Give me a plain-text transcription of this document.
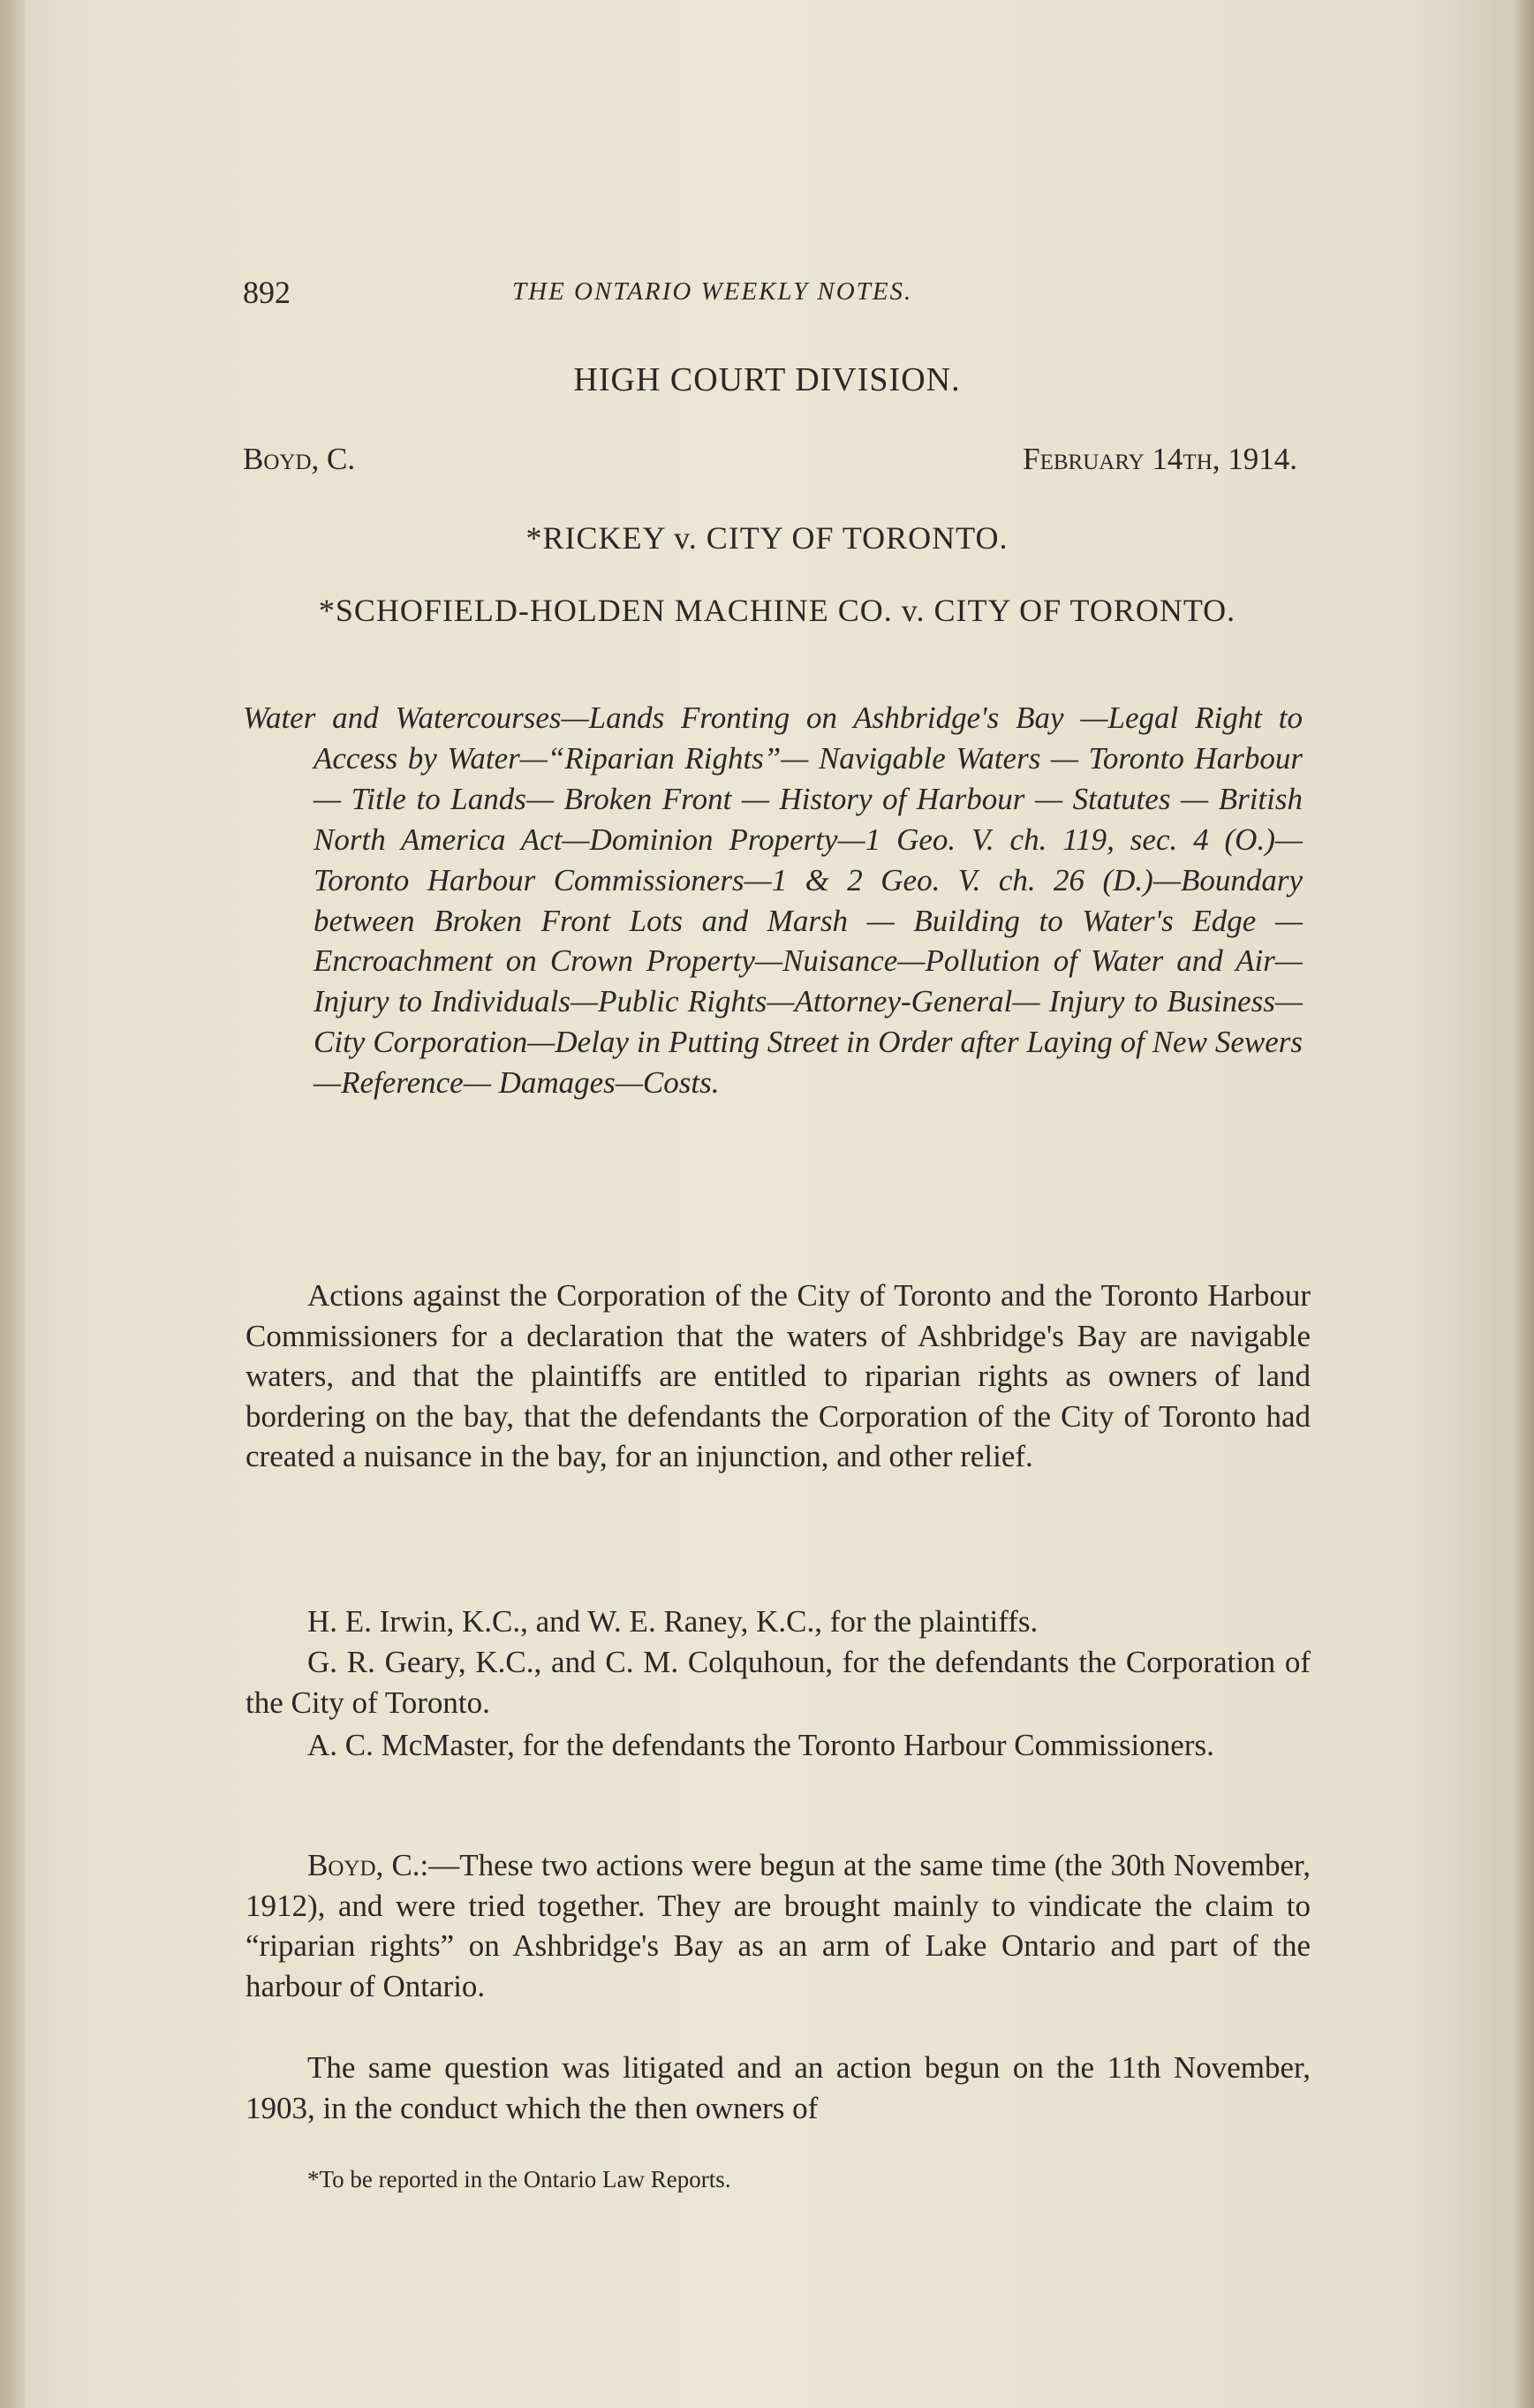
892	THE ONTARIO WEEKLY NOTES.
HIGH COURT DIVISION.
Boyd, C.	February 14th, 1914.
*RICKEY v. CITY OF TORONTO.
*SCHOFIELD-HOLDEN MACHINE CO. v. CITY OF TORONTO.
Water and Watercourses—Lands Fronting on Ashbridge's Bay —Legal Right to Access by Water—“Riparian Rights”— Navigable Waters — Toronto Harbour — Title to Lands— Broken Front — History of Harbour — Statutes — British North America Act—Dominion Property—1 Geo. V. ch. 119, sec. 4 (O.)—Toronto Harbour Commissioners—1 & 2 Geo. V. ch. 26 (D.)—Boundary between Broken Front Lots and Marsh — Building to Water's Edge — Encroachment on Crown Property—Nuisance—Pollution of Water and Air— Injury to Individuals—Public Rights—Attorney-General— Injury to Business—City Corporation—Delay in Putting Street in Order after Laying of New Sewers—Reference— Damages—Costs.

Actions against the Corporation of the City of Toronto and the Toronto Harbour Commissioners for a declaration that the waters of Ashbridge's Bay are navigable waters, and that the plaintiffs are entitled to riparian rights as owners of land bordering on the bay, that the defendants the Corporation of the City of Toronto had created a nuisance in the bay, for an injunction, and other relief.

H. E. Irwin, K.C., and W. E. Raney, K.C., for the plaintiffs.

G. R. Geary, K.C., and C. M. Colquhoun, for the defendants the Corporation of the City of Toronto.

A. C. McMaster, for the defendants the Toronto Harbour Commissioners.

Boyd, C.:—These two actions were begun at the same time (the 30th November, 1912), and were tried together. They are brought mainly to vindicate the claim to “riparian rights” on Ashbridge's Bay as an arm of Lake Ontario and part of the harbour of Ontario.

The same question was litigated and an action begun on the 11th November, 1903, in the conduct which the then owners of

*To be reported in the Ontario Law Reports.
